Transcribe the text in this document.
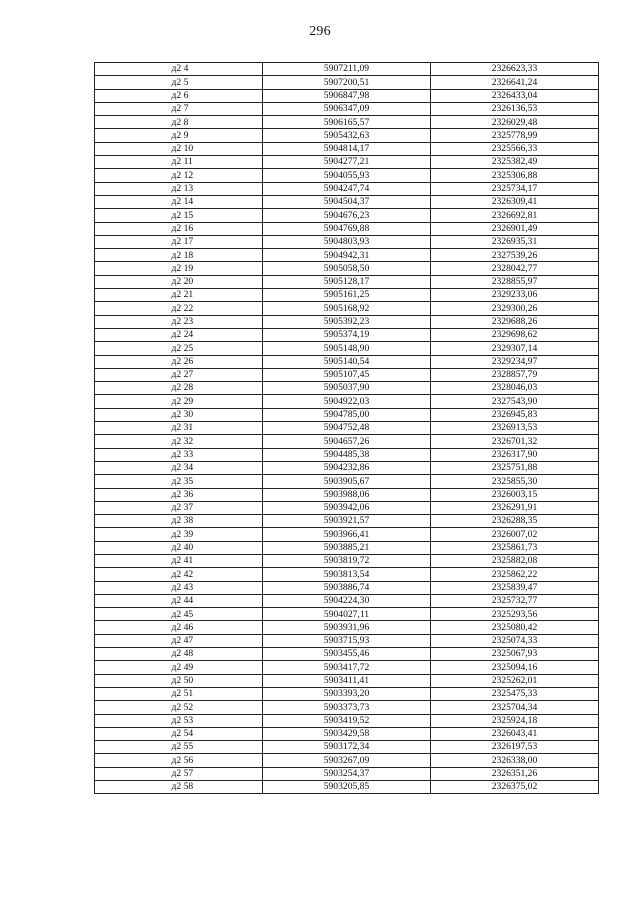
296
д2 4	5907211,09	2326623,33
д2 5	5907200,51	2326641,24
д2 6	5906847,98	2326433,04
д2 7	5906347,09	2326136,53
д2 8	5906165,57	2326029,48
д2 9	5905432,63	2325778,99
д2 10	5904814,17	2325566,33
д2 11	5904277,21	2325382,49
д2 12	5904055,93	2325306,88
д2 13	5904247,74	2325734,17
д2 14	5904504,37	2326309,41
д2 15	5904676,23	2326692,81
д2 16	5904769,88	2326901,49
д2 17	5904803,93	2326935,31
д2 18	5904942,31	2327539,26
д2 19	5905058,50	2328042,77
д2 20	5905128,17	2328855,97
д2 21	5905161,25	2329233,06
д2 22	5905168,92	2329300,26
д2 23	5905392,23	2329688,26
д2 24	5905374,19	2329698,62
д2 25	5905148,90	2329307,14
д2 26	5905140,54	2329234,97
д2 27	5905107,45	2328857,79
д2 28	5905037,90	2328046,03
д2 29	5904922,03	2327543,90
д2 30	5904785,00	2326945,83
д2 31	5904752,48	2326913,53
д2 32	5904657,26	2326701,32
д2 33	5904485,38	2326317,90
д2 34	5904232,86	2325751,88
д2 35	5903905,67	2325855,30
д2 36	5903988,06	2326003,15
д2 37	5903942,06	2326291,91
д2 38	5903921,57	2326288,35
д2 39	5903966,41	2326007,02
д2 40	5903885,21	2325861,73
д2 41	5903819,72	2325882,08
д2 42	5903813,54	2325862,22
д2 43	5903886,74	2325839,47
д2 44	5904224,30	2325732,77
д2 45	5904027,11	2325293,56
д2 46	5903931,96	2325080,42
д2 47	5903715,93	2325074,33
д2 48	5903455,46	2325067,93
д2 49	5903417,72	2325094,16
д2 50	5903411,41	2325262,01
д2 51	5903393,20	2325475,33
д2 52	5903373,73	2325704,34
д2 53	5903419,52	2325924,18
д2 54	5903429,58	2326043,41
д2 55	5903172,34	2326197,53
д2 56	5903267,09	2326338,00
д2 57	5903254,37	2326351,26
д2 58	5903205,85	2326375,02
